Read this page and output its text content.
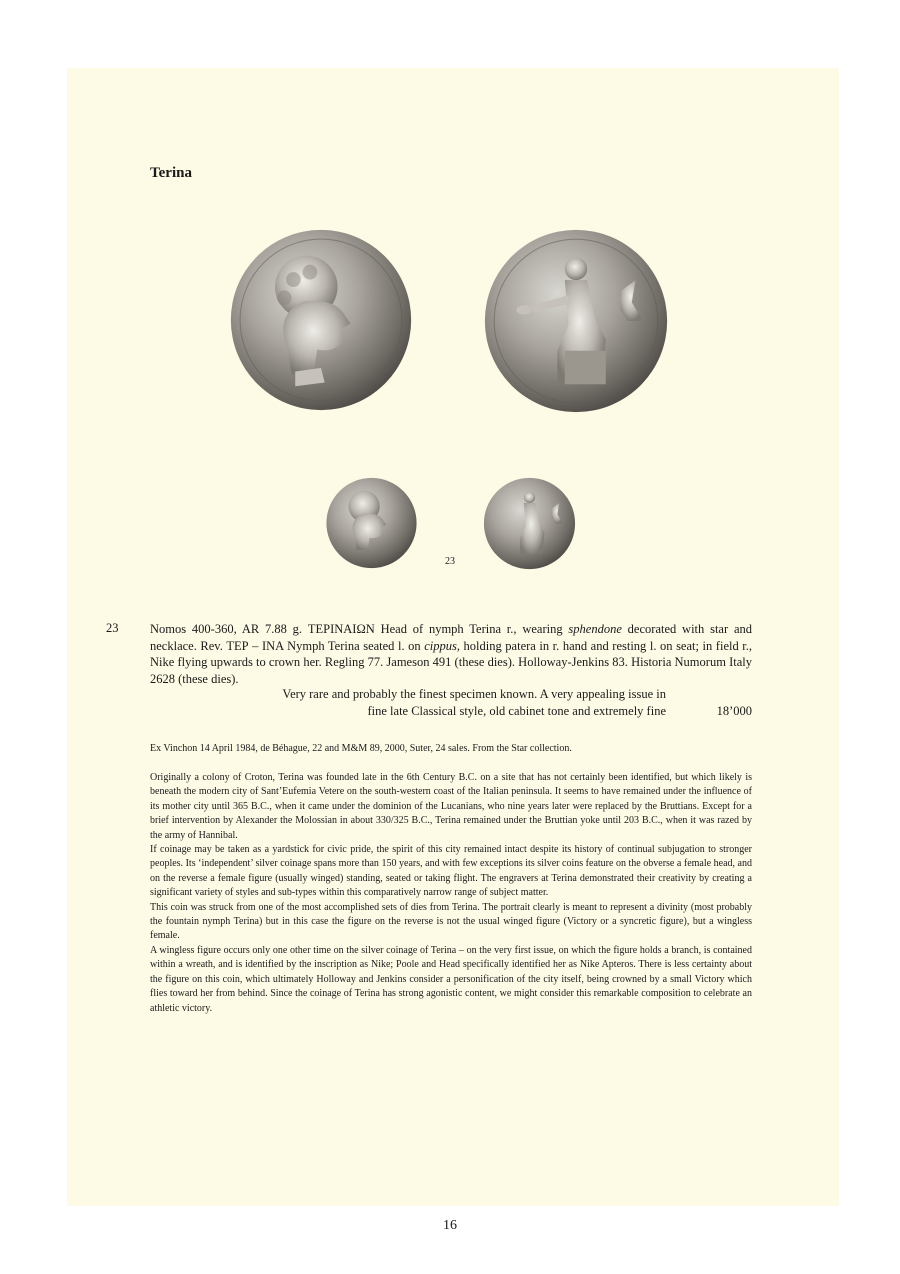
Terina
23
23	Nomos 400-360, AR 7.88 g. ΤΕΡΙΝΑΙΩΝ Head of nymph Terina r., wearing sphendone decorated with star and necklace. Rev. ΤΕΡ – ΙΝΑ Nymph Terina seated l. on cippus, holding patera in r. hand and resting l. on seat; in field r., Nike flying upwards to crown her. Regling 77. Jameson 491 (these dies). Holloway-Jenkins 83. Historia Numorum Italy 2628 (these dies).

Very rare and probably the finest specimen known. A very appealing issue in
fine late Classical style, old cabinet tone and extremely fine	18’000
Ex Vinchon 14 April 1984, de Béhague, 22 and M&M 89, 2000, Suter, 24 sales. From the Star collection.

Originally a colony of Croton, Terina was founded late in the 6th Century B.C. on a site that has not certainly been identified, but which likely is beneath the modern city of Sant’Eufemia Vetere on the south-western coast of the Italian peninsula. It seems to have remained under the influence of its mother city until 365 B.C., when it came under the dominion of the Lucanians, who nine years later were replaced by the Bruttians. Except for a brief intervention by Alexander the Molossian in about 330/325 B.C., Terina remained under the Bruttian yoke until 203 B.C., when it was razed by the army of Hannibal.

If coinage may be taken as a yardstick for civic pride, the spirit of this city remained intact despite its history of continual subjugation to stronger peoples. Its ‘independent’ silver coinage spans more than 150 years, and with few exceptions its silver coins feature on the obverse a female head, and on the reverse a female figure (usually winged) standing, seated or taking flight. The engravers at Terina demonstrated their creativity by creating a significant variety of styles and sub-types within this comparatively narrow range of subject matter.

This coin was struck from one of the most accomplished sets of dies from Terina. The portrait clearly is meant to represent a divinity (most probably the fountain nymph Terina) but in this case the figure on the reverse is not the usual winged figure (Victory or a syncretic figure), but a wingless female.

A wingless figure occurs only one other time on the silver coinage of Terina – on the very first issue, on which the figure holds a branch, is contained within a wreath, and is identified by the inscription as Nike; Poole and Head specifically identified her as Nike Apteros. There is less certainty about the figure on this coin, which ultimately Holloway and Jenkins consider a personification of the city itself, being crowned by a small Victory which flies toward her from behind. Since the coinage of Terina has strong agonistic content, we might consider this remarkable composition to celebrate an athletic victory.

16
